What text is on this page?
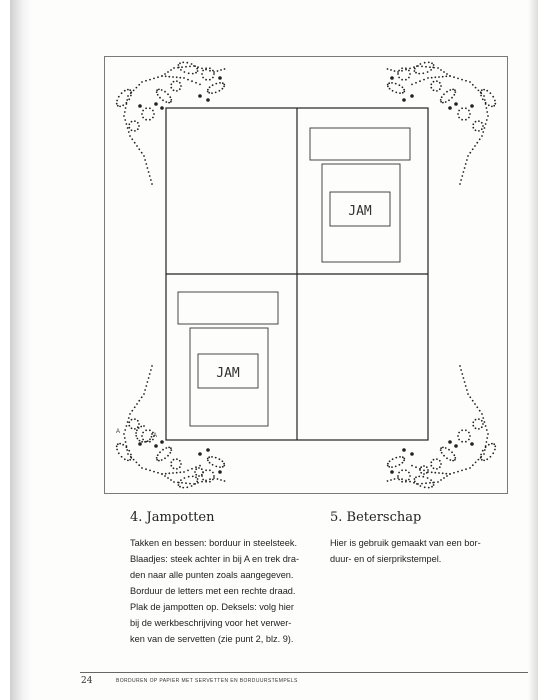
JAM
JAM
A
A
4. Jampotten

Takken en bessen: borduur in steelsteek.
Blaadjes: steek achter in bij A en trek dra-
den naar alle punten zoals aangegeven.
Borduur de letters met een rechte draad.
Plak de jampotten op. Deksels: volg hier
bij de werkbeschrijving voor het verwer-
ken van de servetten (zie punt 2, blz. 9).

5. Beterschap

Hier is gebruik gemaakt van een bor-
duur- en of sierprikstempel.

24	BORDUREN OP PAPIER MET SERVETTEN EN BORDUURSTEMPELS
